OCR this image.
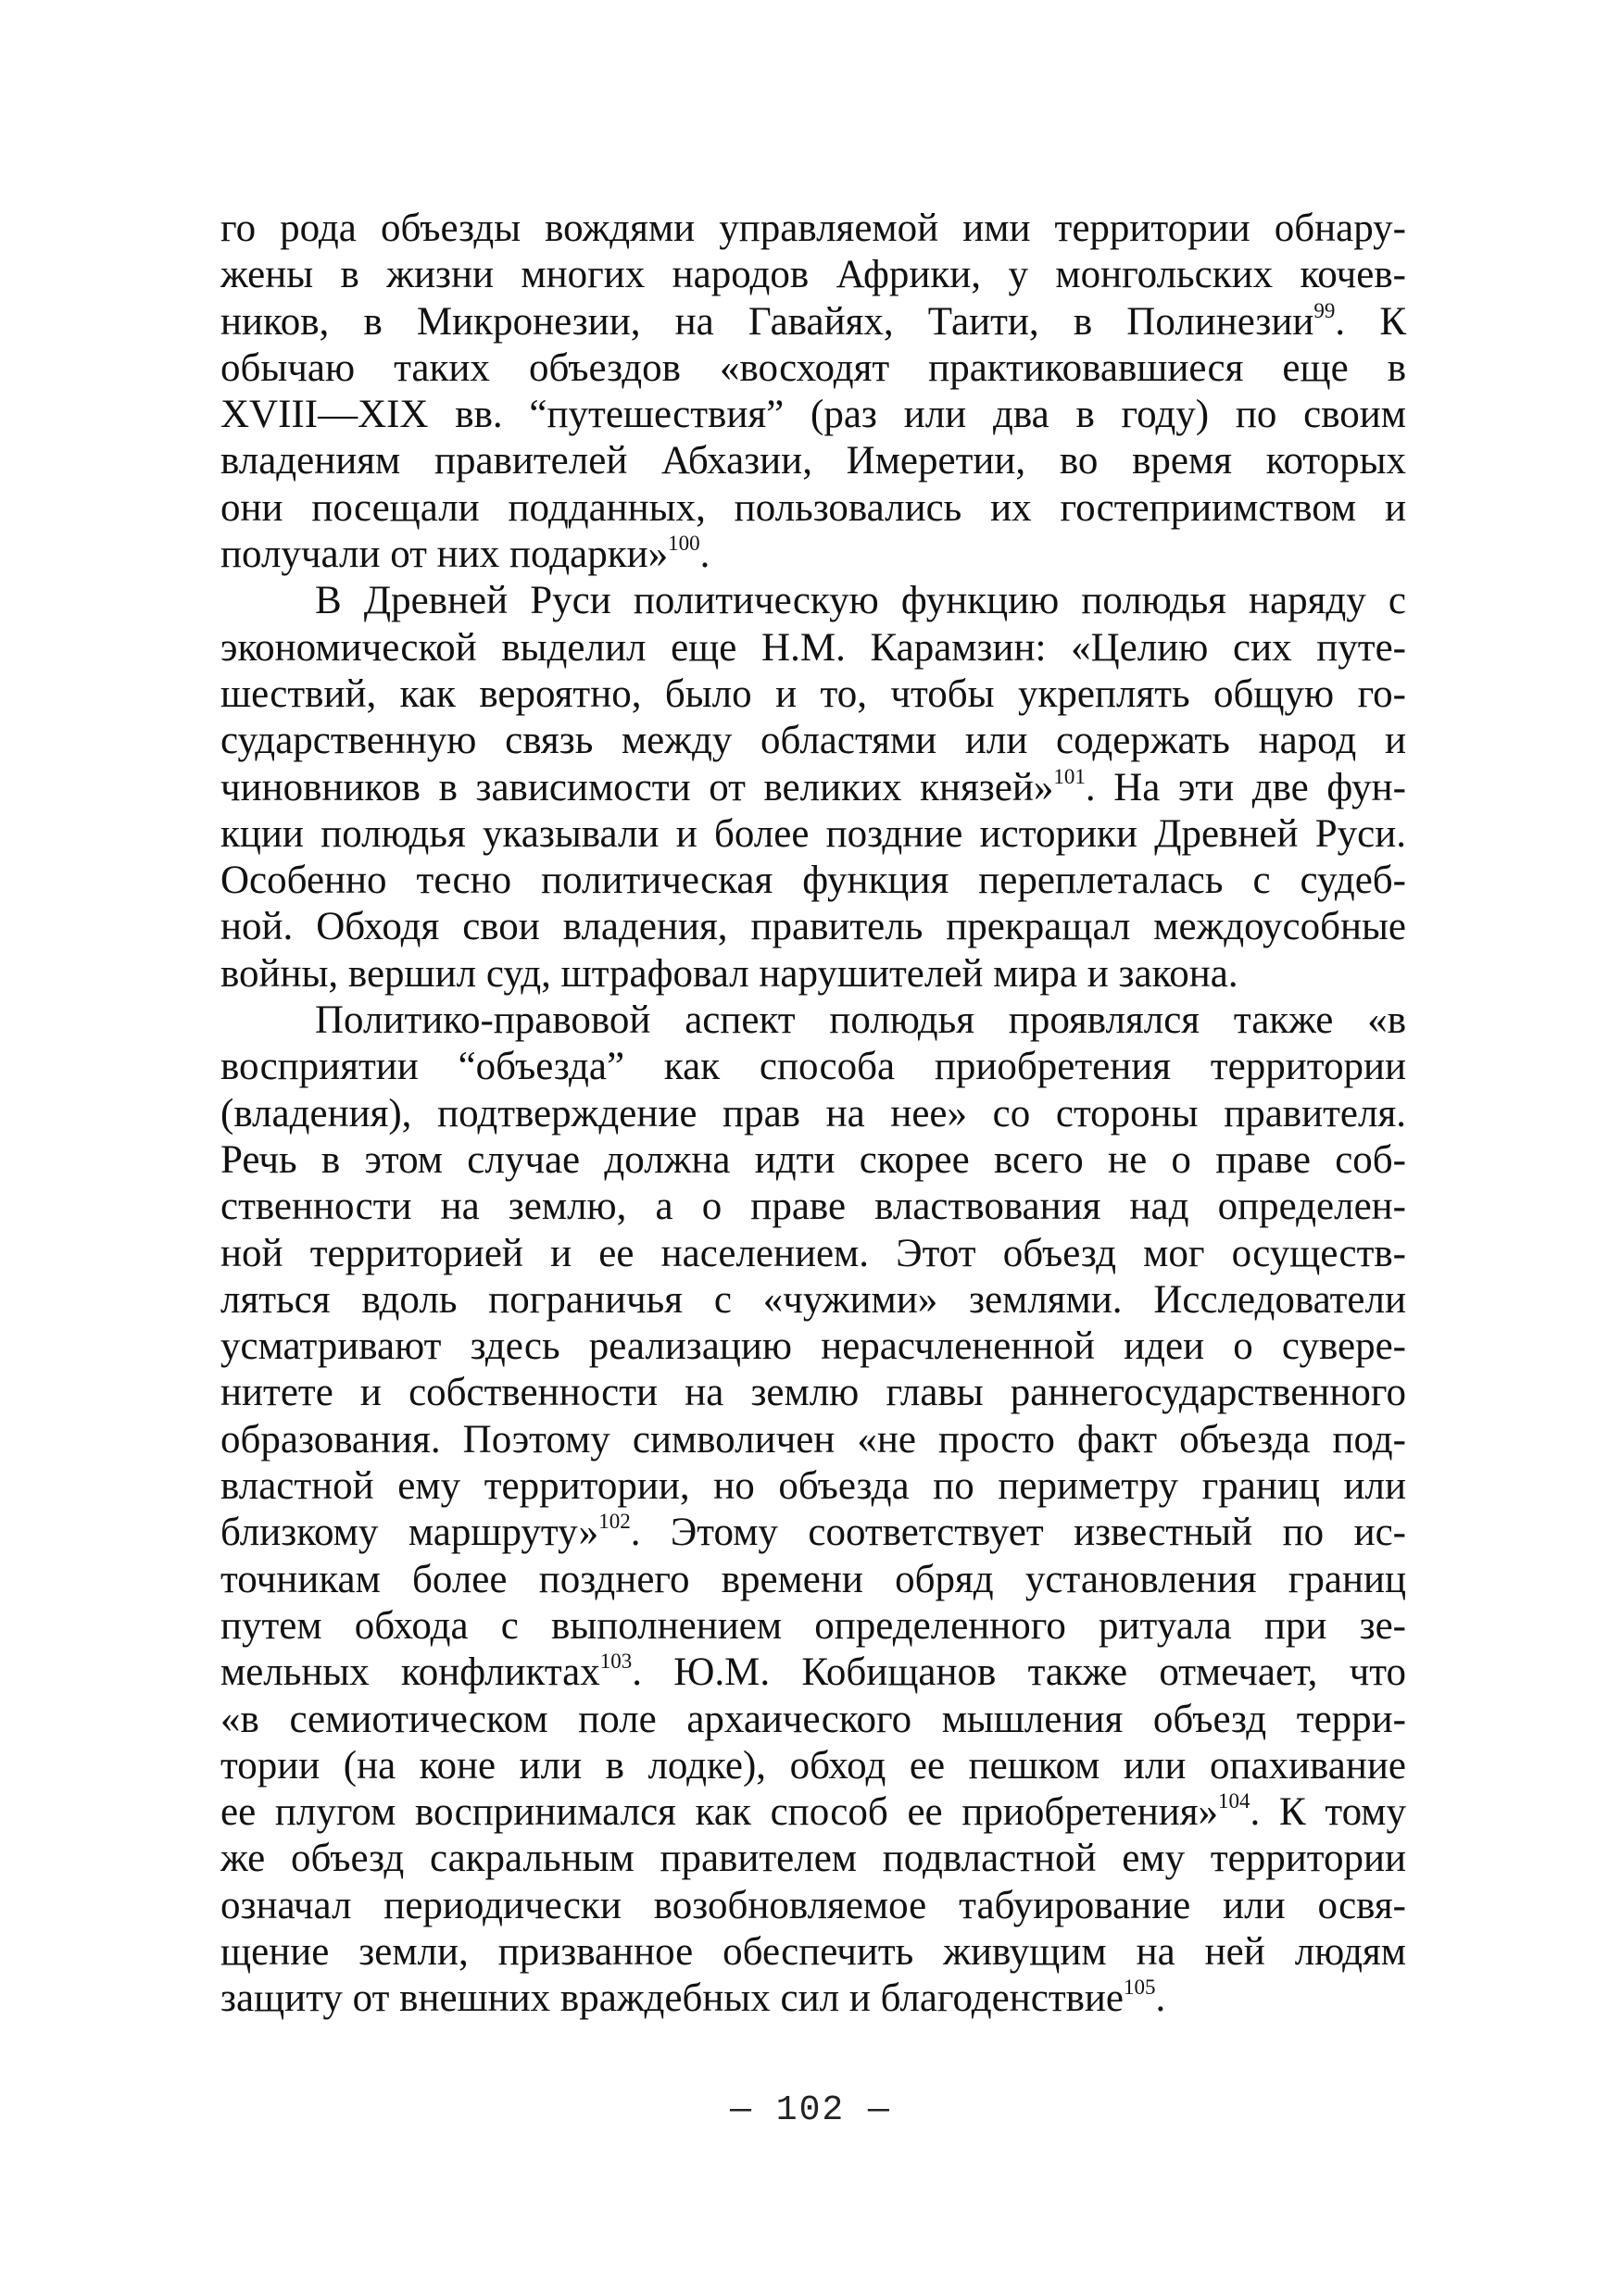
го рода объезды вождями управляемой ими территории обнару-
жены в жизни многих народов Африки, у монгольских кочев-
ников, в Микронезии, на Гавайях, Таити, в Полинезии$^{99}$. К
обычаю таких объездов «восходят практиковавшиеся еще в
XVIII—XIX вв. “путешествия” (раз или два в году) по своим
владениям правителей Абхазии, Имеретии, во время которых
они посещали подданных, пользовались их гостеприимством и
получали от них подарки»$^{100}$.
В Древней Руси политическую функцию полюдья наряду с
экономической выделил еще Н.М. Карамзин: «Целию сих путе-
шествий, как вероятно, было и то, чтобы укреплять общую го-
сударственную связь между областями или содержать народ и
чиновников в зависимости от великих князей»$^{101}$. На эти две фун-
кции полюдья указывали и более поздние историки Древней Руси.
Особенно тесно политическая функция переплеталась с судеб-
ной. Обходя свои владения, правитель прекращал междоусобные
войны, вершил суд, штрафовал нарушителей мира и закона.
Политико-правовой аспект полюдья проявлялся также «в
восприятии “объезда” как способа приобретения территории
(владения), подтверждение прав на нее» со стороны правителя.
Речь в этом случае должна идти скорее всего не о праве соб-
ственности на землю, а о праве властвования над определен-
ной территорией и ее населением. Этот объезд мог осуществ-
ляться вдоль пограничья с «чужими» землями. Исследователи
усматривают здесь реализацию нерасчлененной идеи о сувере-
нитете и собственности на землю главы раннегосударственного
образования. Поэтому символичен «не просто факт объезда под-
властной ему территории, но объезда по периметру границ или
близкому маршруту»$^{102}$. Этому соответствует известный по ис-
точникам более позднего времени обряд установления границ
путем обхода с выполнением определенного ритуала при зе-
мельных конфликтах$^{103}$. Ю.М. Кобищанов также отмечает, что
«в семиотическом поле архаического мышления объезд терри-
тории (на коне или в лодке), обход ее пешком или опахивание
ее плугом воспринимался как способ ее приобретения»$^{104}$. К тому
же объезд сакральным правителем подвластной ему территории
означал периодически возобновляемое табуирование или освя-
щение земли, призванное обеспечить живущим на ней людям
защиту от внешних враждебных сил и благоденствие$^{105}$.
— 102 —
